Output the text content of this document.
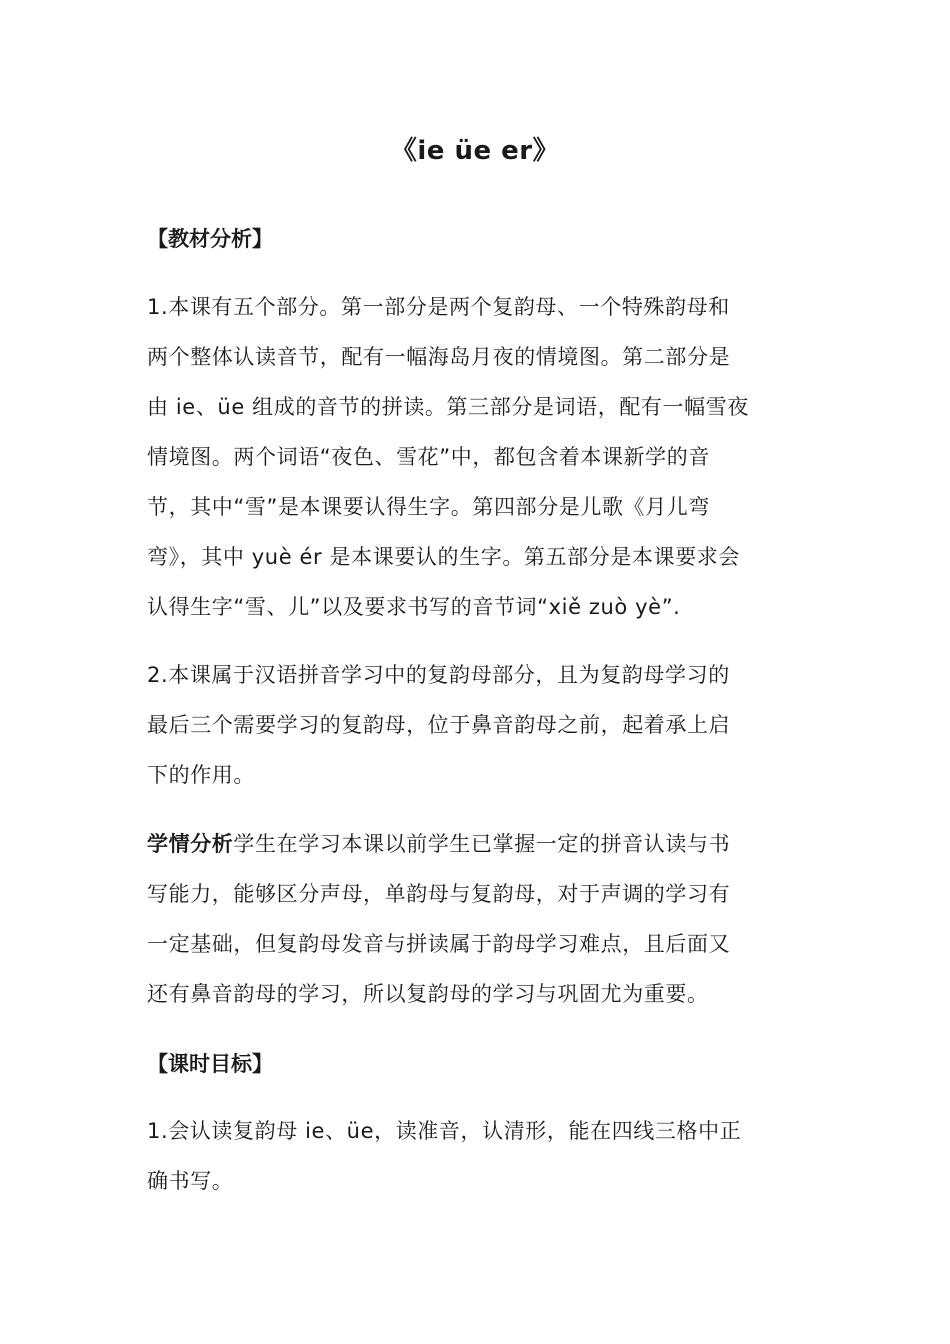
《ie üe er》
【教材分析】
1.本课有五个部分。第一部分是两个复韵母、一个特殊韵母和
两个整体认读音节，配有一幅海岛月夜的情境图。第二部分是
由 ie、üe 组成的音节的拼读。第三部分是词语，配有一幅雪夜
情境图。两个词语“夜色、雪花”中，都包含着本课新学的音
节，其中“雪”是本课要认得生字。第四部分是儿歌《月儿弯
弯》，其中 yuè ér 是本课要认的生字。第五部分是本课要求会
认得生字“雪、儿”以及要求书写的音节词“xiě zuò yè”.
2.本课属于汉语拼音学习中的复韵母部分，且为复韵母学习的
最后三个需要学习的复韵母，位于鼻音韵母之前，起着承上启
下的作用。
学情分析学生在学习本课以前学生已掌握一定的拼音认读与书
写能力，能够区分声母，单韵母与复韵母，对于声调的学习有
一定基础，但复韵母发音与拼读属于韵母学习难点，且后面又
还有鼻音韵母的学习，所以复韵母的学习与巩固尤为重要。
【课时目标】
1.会认读复韵母 ie、üe，读准音，认清形，能在四线三格中正
确书写。
